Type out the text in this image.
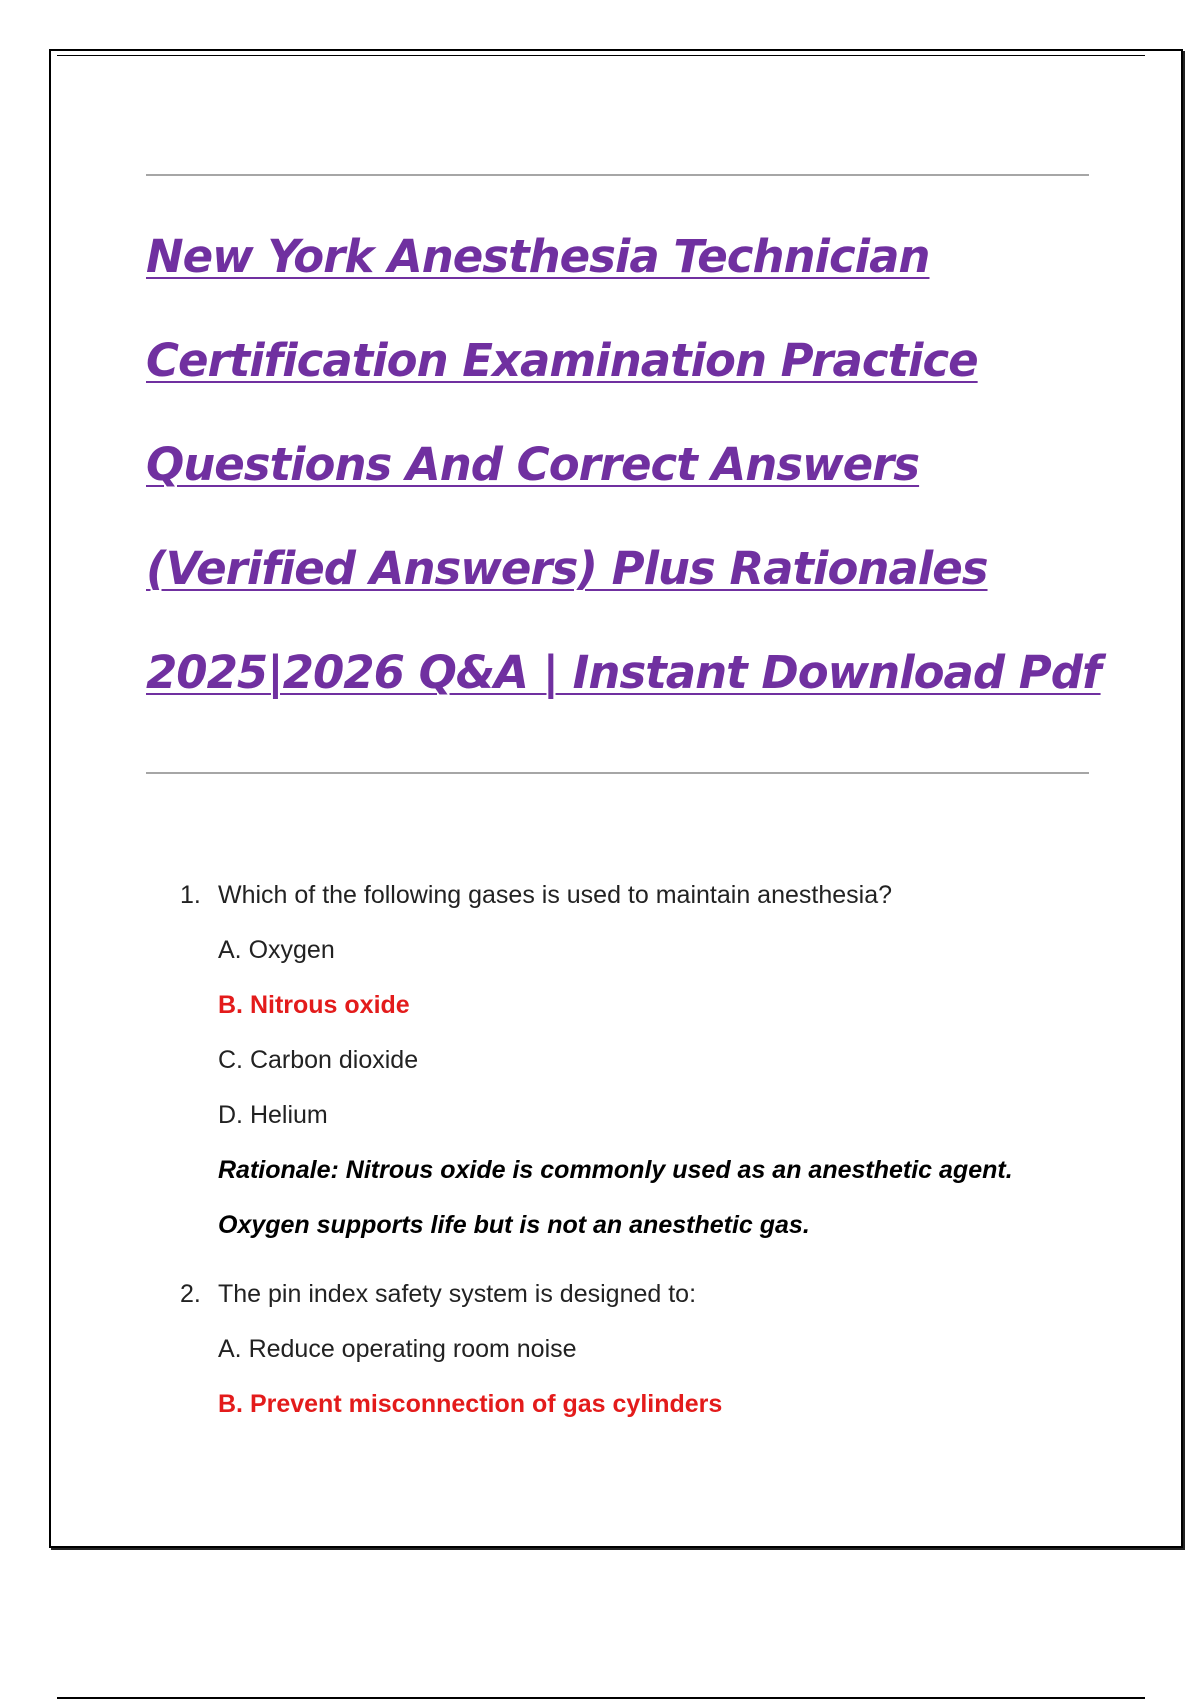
New York Anesthesia Technician
Certification Examination Practice
Questions And Correct Answers
(Verified Answers) Plus Rationales
2025|2026 Q&A | Instant Download Pdf
1. Which of the following gases is used to maintain anesthesia?
A. Oxygen
B. Nitrous oxide
C. Carbon dioxide
D. Helium
Rationale: Nitrous oxide is commonly used as an anesthetic agent.
Oxygen supports life but is not an anesthetic gas.
2. The pin index safety system is designed to:
A. Reduce operating room noise
B. Prevent misconnection of gas cylinders
